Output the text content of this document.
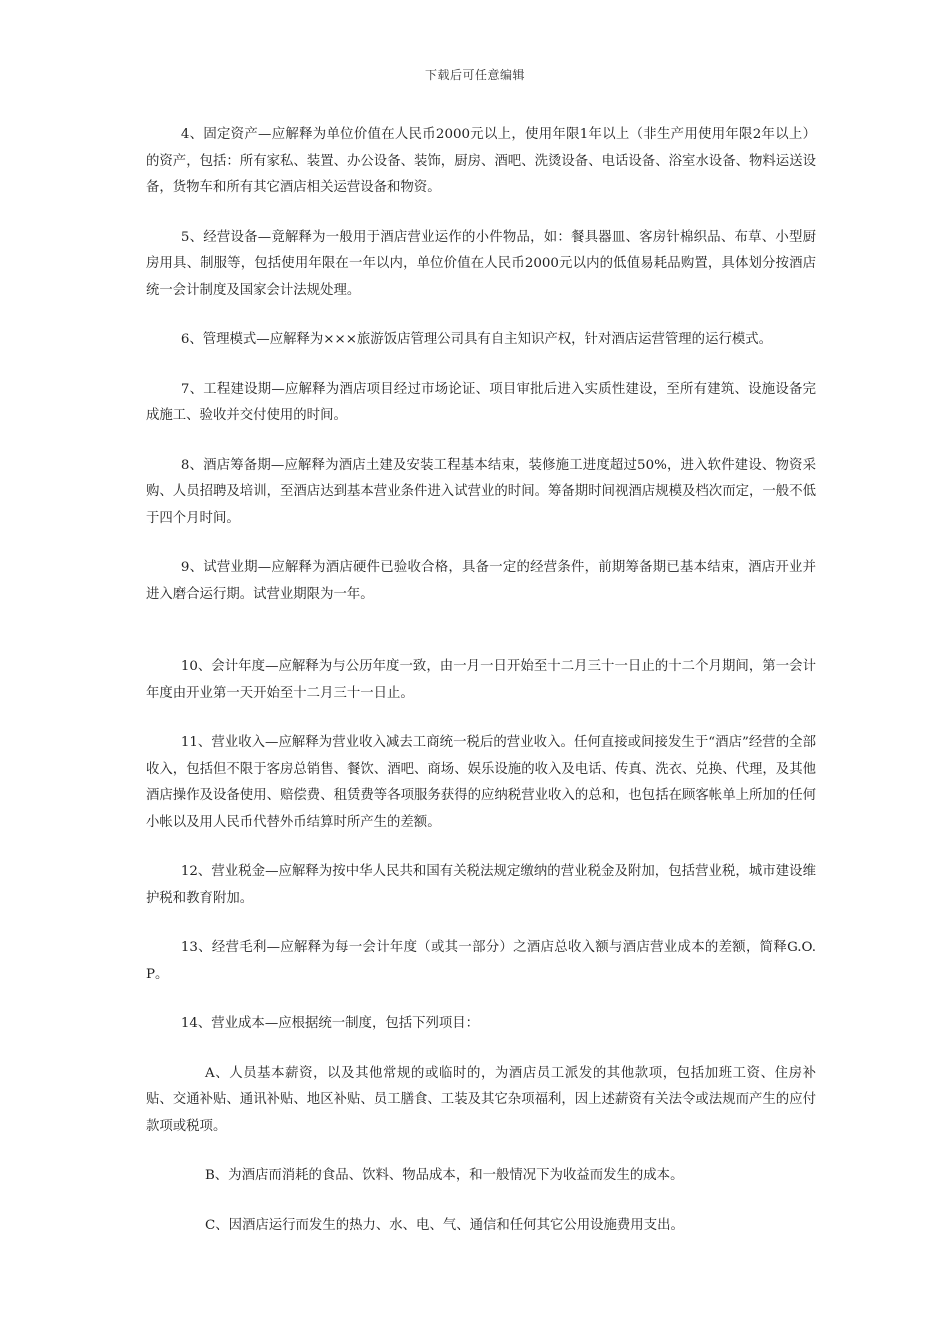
下载后可任意编辑

4、固定资产—应解释为单位价值在人民币2000元以上，使用年限1年以上（非生产用使用年限2年以上）的资产，包括：所有家私、装置、办公设备、装饰，厨房、酒吧、洗烫设备、电话设备、浴室水设备、物料运送设备，货物车和所有其它酒店相关运营设备和物资。

5、经营设备—竟解释为一般用于酒店营业运作的小件物品，如：餐具器皿、客房针棉织品、布草、小型厨房用具、制服等，包括使用年限在一年以内，单位价值在人民币2000元以内的低值易耗品购置，具体划分按酒店统一会计制度及国家会计法规处理。

6、管理模式—应解释为×××旅游饭店管理公司具有自主知识产权，针对酒店运营管理的运行模式。

7、工程建设期—应解释为酒店项目经过市场论证、项目审批后进入实质性建设，至所有建筑、设施设备完成施工、验收并交付使用的时间。

8、酒店筹备期—应解释为酒店土建及安装工程基本结束，装修施工进度超过50%，进入软件建设、物资采购、人员招聘及培训，至酒店达到基本营业条件进入试营业的时间。筹备期时间视酒店规模及档次而定，一般不低于四个月时间。

9、试营业期—应解释为酒店硬件已验收合格，具备一定的经营条件，前期筹备期已基本结束，酒店开业并进入磨合运行期。试营业期限为一年。

10、会计年度—应解释为与公历年度一致，由一月一日开始至十二月三十一日止的十二个月期间，第一会计年度由开业第一天开始至十二月三十一日止。

11、营业收入—应解释为营业收入减去工商统一税后的营业收入。任何直接或间接发生于“酒店”经营的全部收入，包括但不限于客房总销售、餐饮、酒吧、商场、娱乐设施的收入及电话、传真、洗衣、兑换、代理，及其他酒店操作及设备使用、赔偿费、租赁费等各项服务获得的应纳税营业收入的总和，也包括在顾客帐单上所加的任何小帐以及用人民币代替外币结算时所产生的差额。

12、营业税金—应解释为按中华人民共和国有关税法规定缴纳的营业税金及附加，包括营业税，城市建设维护税和教育附加。

13、经营毛利—应解释为每一会计年度（或其一部分）之酒店总收入额与酒店营业成本的差额，简释G.O.P。

14、营业成本—应根据统一制度，包括下列项目：

A、人员基本薪资，以及其他常规的或临时的，为酒店员工派发的其他款项，包括加班工资、住房补贴、交通补贴、通讯补贴、地区补贴、员工膳食、工装及其它杂项福利，因上述薪资有关法令或法规而产生的应付款项或税项。

B、为酒店而消耗的食品、饮料、物品成本，和一般情况下为收益而发生的成本。

C、因酒店运行而发生的热力、水、电、气、通信和任何其它公用设施费用支出。
